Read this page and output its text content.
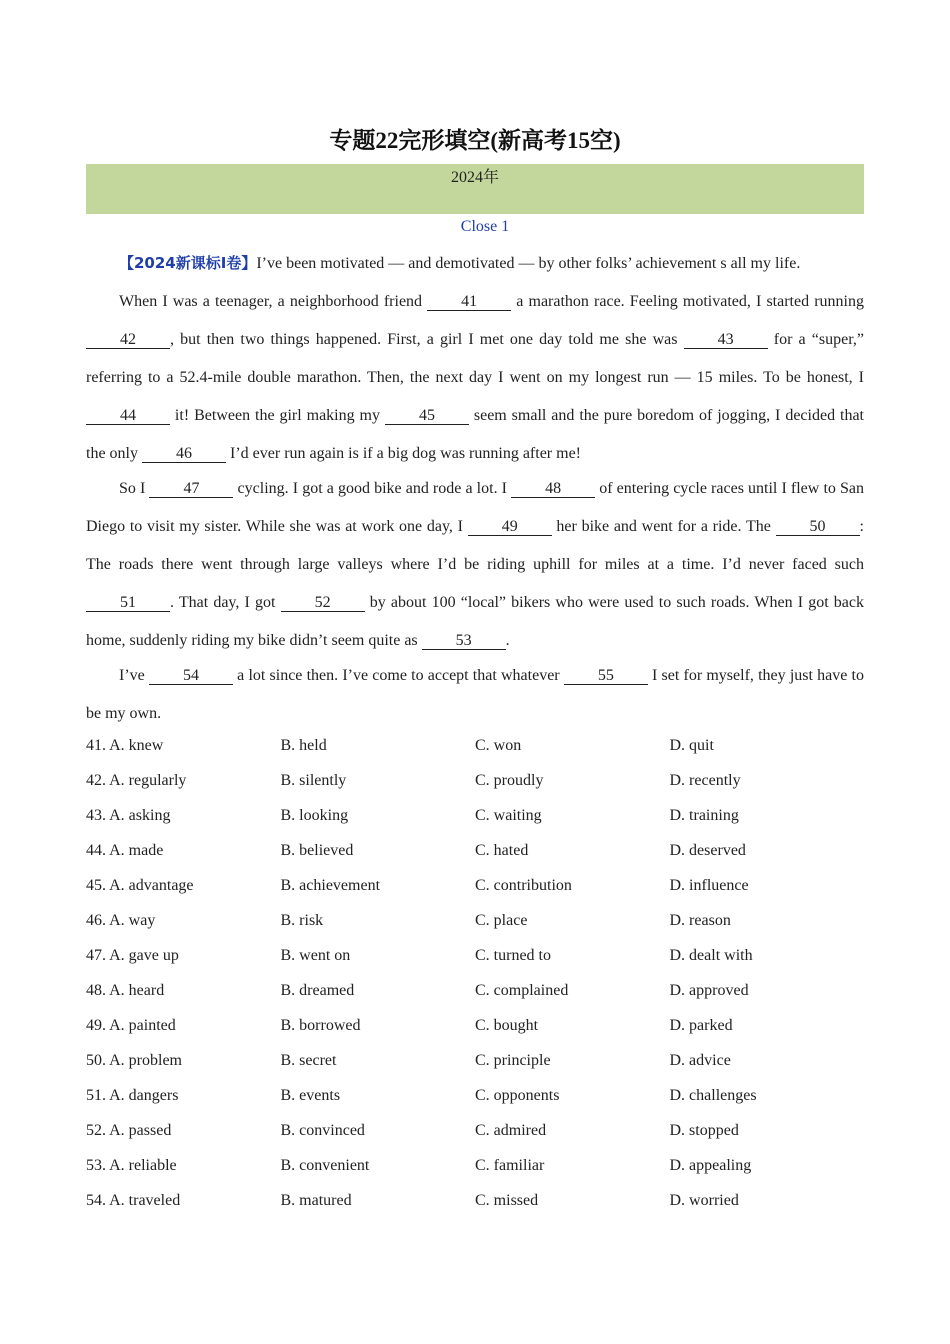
专题22完形填空(新高考15空)
2024年
Close 1

【2024新课标Ⅰ卷】I’ve been motivated — and demotivated — by other folks’ achievement s all my life.

When I was a teenager, a neighborhood friend 41 a marathon race. Feeling motivated, I started running 42 , but then two things happened. First, a girl I met one day told me she was 43 for a “super,” referring to a 52.4-mile double marathon. Then, the next day I went on my longest run — 15 miles. To be honest, I 44 it! Between the girl making my 45 seem small and the pure boredom of jogging, I decided that the only 46 I’d ever run again is if a big dog was running after me!

So I 47 cycling. I got a good bike and rode a lot. I 48 of entering cycle races until I flew to San Diego to visit my sister. While she was at work one day, I 49 her bike and went for a ride. The 50 : The roads there went through large valleys where I’d be riding uphill for miles at a time. I’d never faced such 51 . That day, I got 52 by about 100 “local” bikers who were used to such roads. When I got back home, suddenly riding my bike didn’t seem quite as 53 .

I’ve 54 a lot since then. I’ve come to accept that whatever 55 I set for myself, they just have to be my own.

41. A. knew	B. held	C. won	D. quit
42. A. regularly	B. silently	C. proudly	D. recently
43. A. asking	B. looking	C. waiting	D. training
44. A. made	B. believed	C. hated	D. deserved
45. A. advantage	B. achievement	C. contribution	D. influence
46. A. way	B. risk	C. place	D. reason
47. A. gave up	B. went on	C. turned to	D. dealt with
48. A. heard	B. dreamed	C. complained	D. approved
49. A. painted	B. borrowed	C. bought	D. parked
50. A. problem	B. secret	C. principle	D. advice
51. A. dangers	B. events	C. opponents	D. challenges
52. A. passed	B. convinced	C. admired	D. stopped
53. A. reliable	B. convenient	C. familiar	D. appealing
54. A. traveled	B. matured	C. missed	D. worried
